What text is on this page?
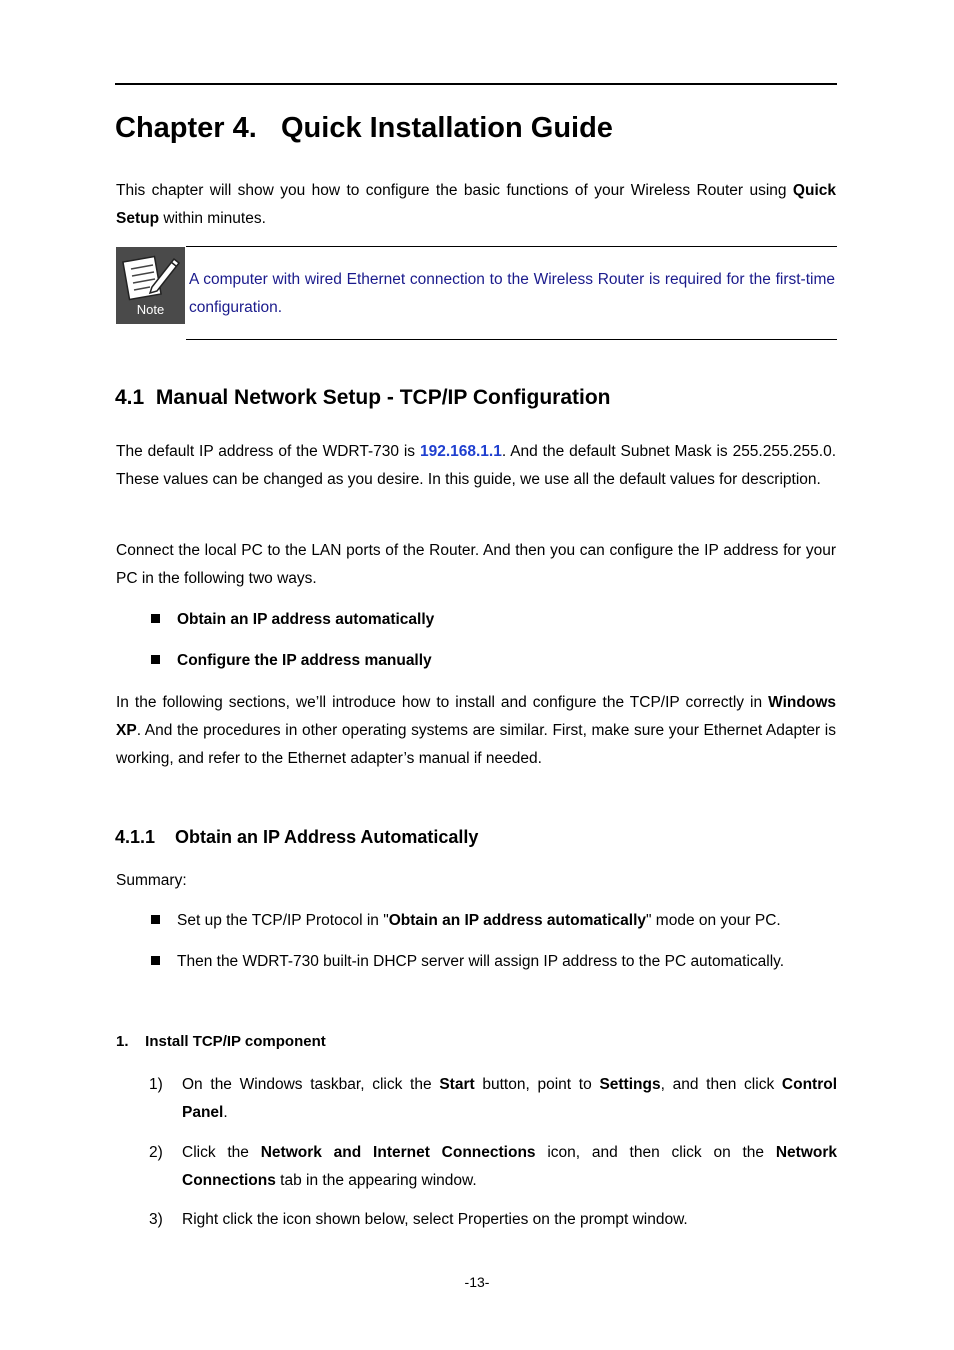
Chapter 4.   Quick Installation Guide

This chapter will show you how to configure the basic functions of your Wireless Router using Quick Setup within minutes.

Note

A computer with wired Ethernet connection to the Wireless Router is required for the first-time configuration.

4.1  Manual Network Setup - TCP/IP Configuration

The default IP address of the WDRT-730 is 192.168.1.1. And the default Subnet Mask is 255.255.255.0. These values can be changed as you desire. In this guide, we use all the default values for description.

Connect the local PC to the LAN ports of the Router. And then you can configure the IP address for your PC in the following two ways.

Obtain an IP address automatically
Configure the IP address manually

In the following sections, we’ll introduce how to install and configure the TCP/IP correctly in Windows XP. And the procedures in other operating systems are similar. First, make sure your Ethernet Adapter is working, and refer to the Ethernet adapter’s manual if needed.

4.1.1    Obtain an IP Address Automatically

Summary:

Set up the TCP/IP Protocol in "Obtain an IP address automatically" mode on your PC.
Then the WDRT-730 built-in DHCP server will assign IP address to the PC automatically.
1.    Install TCP/IP component
1) On the Windows taskbar, click the Start button, point to Settings, and then click Control Panel.
2) Click the Network and Internet Connections icon, and then click on the Network Connections tab in the appearing window.
3) Right click the icon shown below, select Properties on the prompt window.
-13-
